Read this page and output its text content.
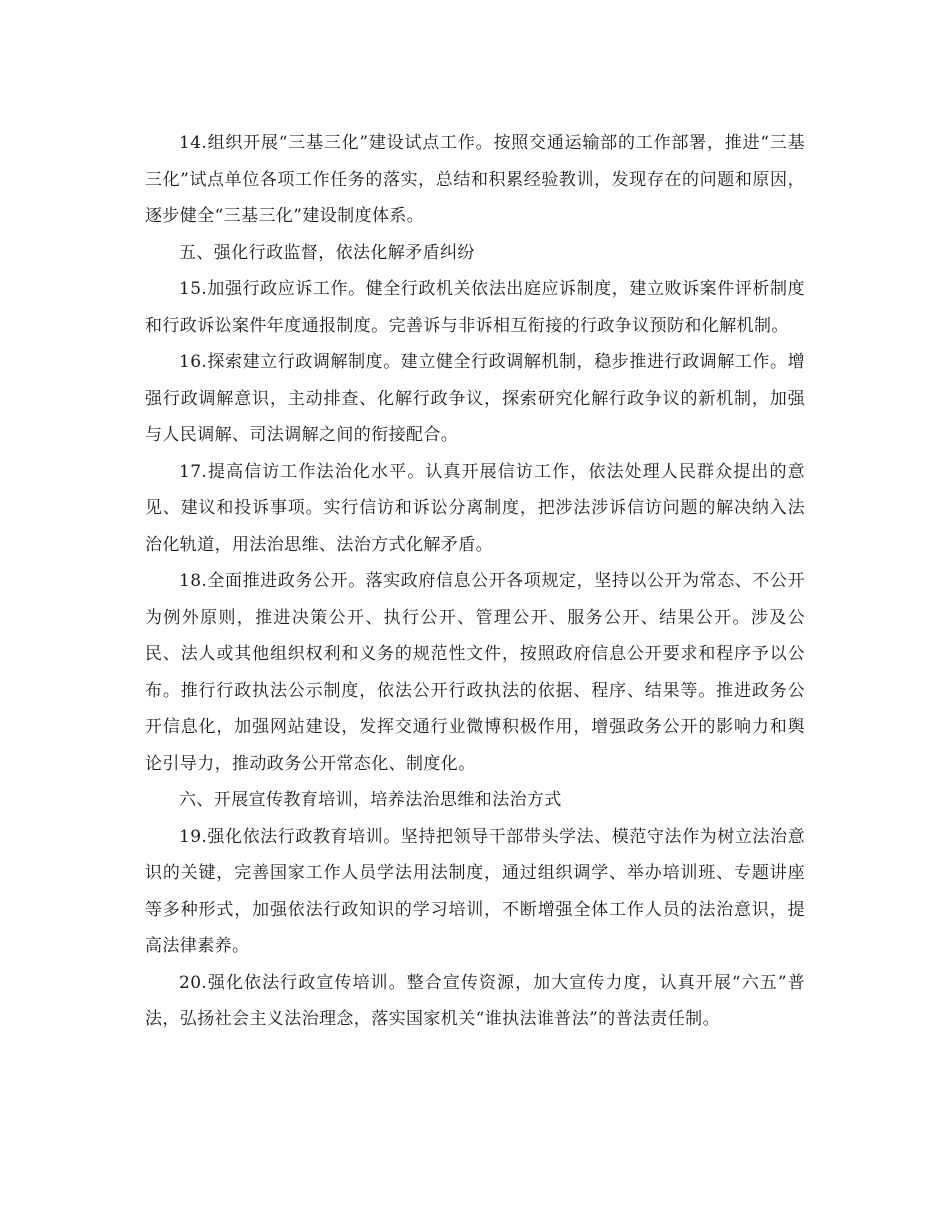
14.组织开展“三基三化”建设试点工作。按照交通运输部的工作部署，推进“三基三化”试点单位各项工作任务的落实，总结和积累经验教训，发现存在的问题和原因，逐步健全“三基三化”建设制度体系。

五、强化行政监督，依法化解矛盾纠纷

15.加强行政应诉工作。健全行政机关依法出庭应诉制度，建立败诉案件评析制度和行政诉讼案件年度通报制度。完善诉与非诉相互衔接的行政争议预防和化解机制。

16.探索建立行政调解制度。建立健全行政调解机制，稳步推进行政调解工作。增强行政调解意识，主动排查、化解行政争议，探索研究化解行政争议的新机制，加强与人民调解、司法调解之间的衔接配合。

17.提高信访工作法治化水平。认真开展信访工作，依法处理人民群众提出的意见、建议和投诉事项。实行信访和诉讼分离制度，把涉法涉诉信访问题的解决纳入法治化轨道，用法治思维、法治方式化解矛盾。

18.全面推进政务公开。落实政府信息公开各项规定，坚持以公开为常态、不公开为例外原则，推进决策公开、执行公开、管理公开、服务公开、结果公开。涉及公民、法人或其他组织权利和义务的规范性文件，按照政府信息公开要求和程序予以公布。推行行政执法公示制度，依法公开行政执法的依据、程序、结果等。推进政务公开信息化，加强网站建设，发挥交通行业微博积极作用，增强政务公开的影响力和舆论引导力，推动政务公开常态化、制度化。

六、开展宣传教育培训，培养法治思维和法治方式

19.强化依法行政教育培训。坚持把领导干部带头学法、模范守法作为树立法治意识的关键，完善国家工作人员学法用法制度，通过组织调学、举办培训班、专题讲座等多种形式，加强依法行政知识的学习培训，不断增强全体工作人员的法治意识，提高法律素养。

20.强化依法行政宣传培训。整合宣传资源，加大宣传力度，认真开展“六五”普法，弘扬社会主义法治理念，落实国家机关“谁执法谁普法”的普法责任制。
